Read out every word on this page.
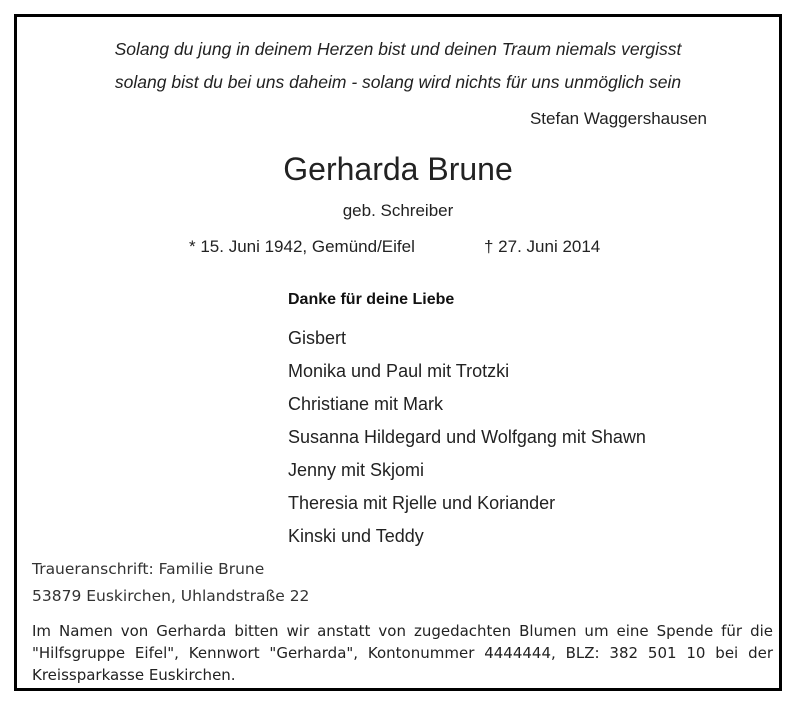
Solang du jung in deinem Herzen bist und deinen Traum niemals vergisst
solang bist du bei uns daheim - solang wird nichts für uns unmöglich sein
Stefan Waggershausen
Gerharda Brune
geb. Schreiber
* 15. Juni 1942, Gemünd/Eifel	† 27. Juni 2014
Danke für deine Liebe
Gisbert
Monika und Paul mit Trotzki
Christiane mit Mark
Susanna Hildegard und Wolfgang mit Shawn
Jenny mit Skjomi
Theresia mit Rjelle und Koriander
Kinski und Teddy
Traueranschrift: Familie Brune
53879 Euskirchen, Uhlandstraße 22
Im Namen von Gerharda bitten wir anstatt von zugedachten Blumen um eine Spende für die "Hilfsgruppe Eifel", Kennwort "Gerharda", Kontonummer 4444444, BLZ: 382 501 10 bei der Kreissparkasse Euskirchen.
